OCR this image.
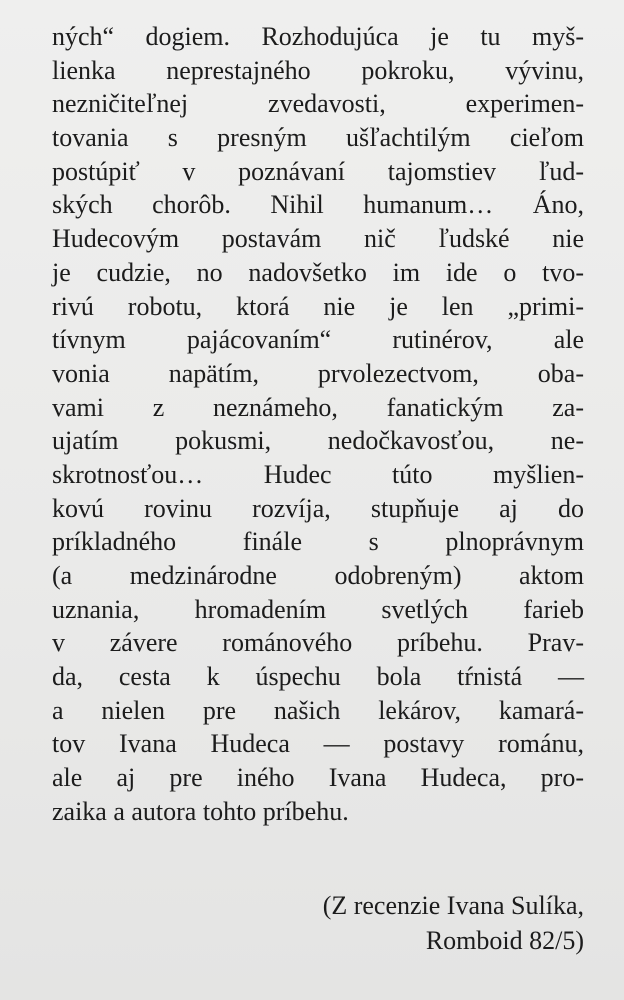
ných“ dogiem. Rozhodujúca je tu myš-
lienka neprestajného pokroku, vývinu,
nezničiteľnej zvedavosti, experimen-
tovania s presným ušľachtilým cieľom
postúpiť v poznávaní tajomstiev ľud-
ských chorôb. Nihil humanum… Áno,
Hudecovým postavám nič ľudské nie
je cudzie, no nadovšetko im ide o tvo-
rivú robotu, ktorá nie je len „primi-
tívnym pajácovaním“ rutinérov, ale
vonia napätím, prvolezectvom, oba-
vami z neznámeho, fanatickým za-
ujatím pokusmi, nedočkavosťou, ne-
skrotnosťou… Hudec túto myšlien-
kovú rovinu rozvíja, stupňuje aj do
príkladného finále s plnoprávnym
(a medzinárodne odobreným) aktom
uznania, hromadením svetlých farieb
v závere románového príbehu. Prav-
da, cesta k úspechu bola tŕnistá —
a nielen pre našich lekárov, kamará-
tov Ivana Hudeca — postavy románu,
ale aj pre iného Ivana Hudeca, pro-
zaika a autora tohto príbehu.
(Z recenzie Ivana Sulíka,
Romboid 82/5)
